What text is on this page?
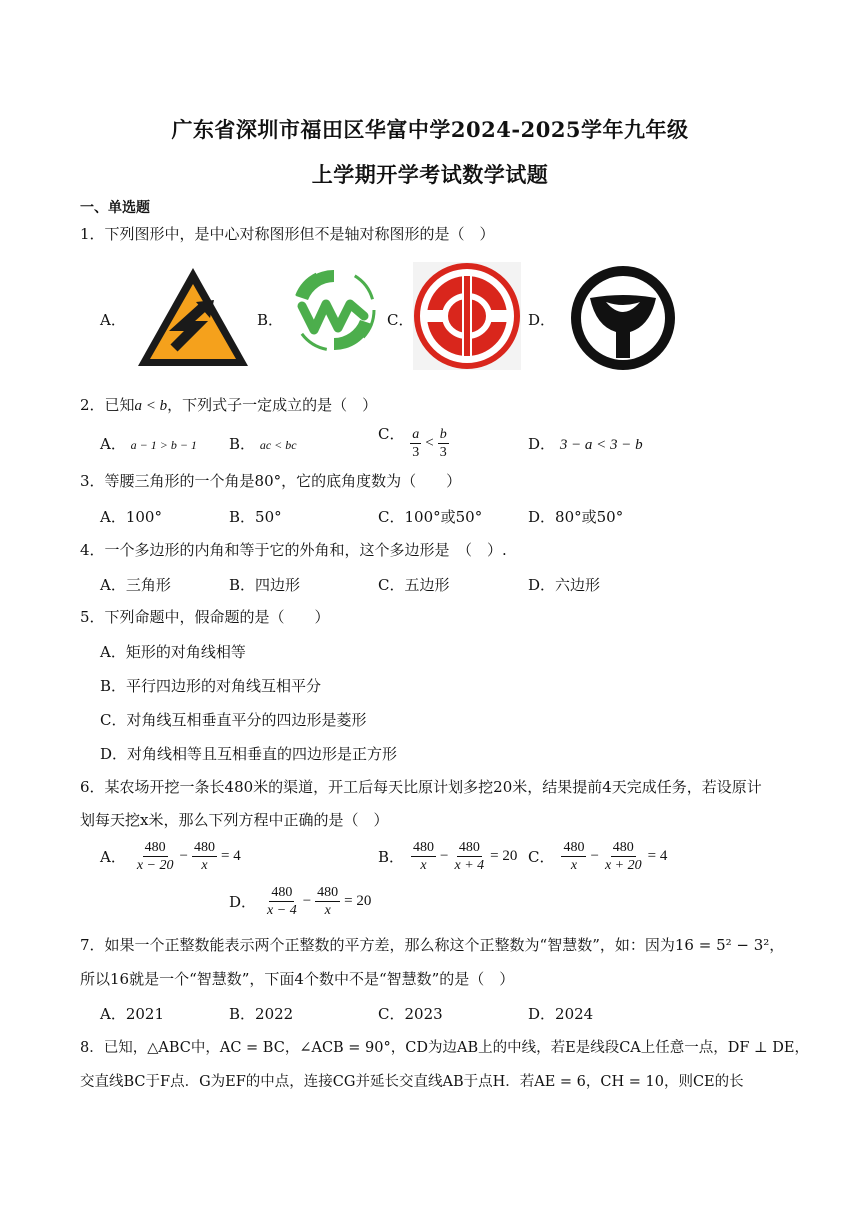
广东省深圳市福田区华富中学2024-2025学年九年级
上学期开学考试数学试题
一、单选题
1．下列图形中，是中心对称图形但不是轴对称图形的是（　）
A．	B．	C．	D．
2．已知a < b，下列式子一定成立的是（　）
A． a − 1 > b − 1 B． ac < bc
C． $\frac{a}{3} < \frac{b}{3}$	D． 3 − a < 3 − b
3．等腰三角形的一个角是80°，它的底角度数为（　　）
A．100°	B．50°	C．100°或50°	D．80°或50°
4．一个多边形的内角和等于它的外角和，这个多边形是　（　）.
A．三角形	B．四边形	C．五边形	D．六边形
5．下列命题中，假命题的是（　　）
A．矩形的对角线相等
B．平行四边形的对角线互相平分
C．对角线互相垂直平分的四边形是菱形
D．对角线相等且互相垂直的四边形是正方形
6．某农场开挖一条长480米的渠道，开工后每天比原计划多挖20米，结果提前4天完成任务，若设原计
划每天挖x米，那么下列方程中正确的是（　）
A． $\frac{480}{x - 20} - \frac{480}{x} = 4$	B． $\frac{480}{x} - \frac{480}{x + 4} = 20$ C． $\frac{480}{x} - \frac{480}{x + 20} = 4$
D． $\frac{480}{x - 4} - \frac{480}{x} = 20$
7．如果一个正整数能表示两个正整数的平方差，那么称这个正整数为“智慧数”，如：因为16 = 5² − 3²，
所以16就是一个“智慧数”，下面4个数中不是“智慧数”的是（　）
A．2021	B．2022	C．2023	D．2024
8．已知，△ABC中，AC = BC，∠ACB = 90°，CD为边AB上的中线，若E是线段CA上任意一点，DF ⊥ DE，
交直线BC于F点．G为EF的中点，连接CG并延长交直线AB于点H．若AE = 6，CH = 10，则CE的长
